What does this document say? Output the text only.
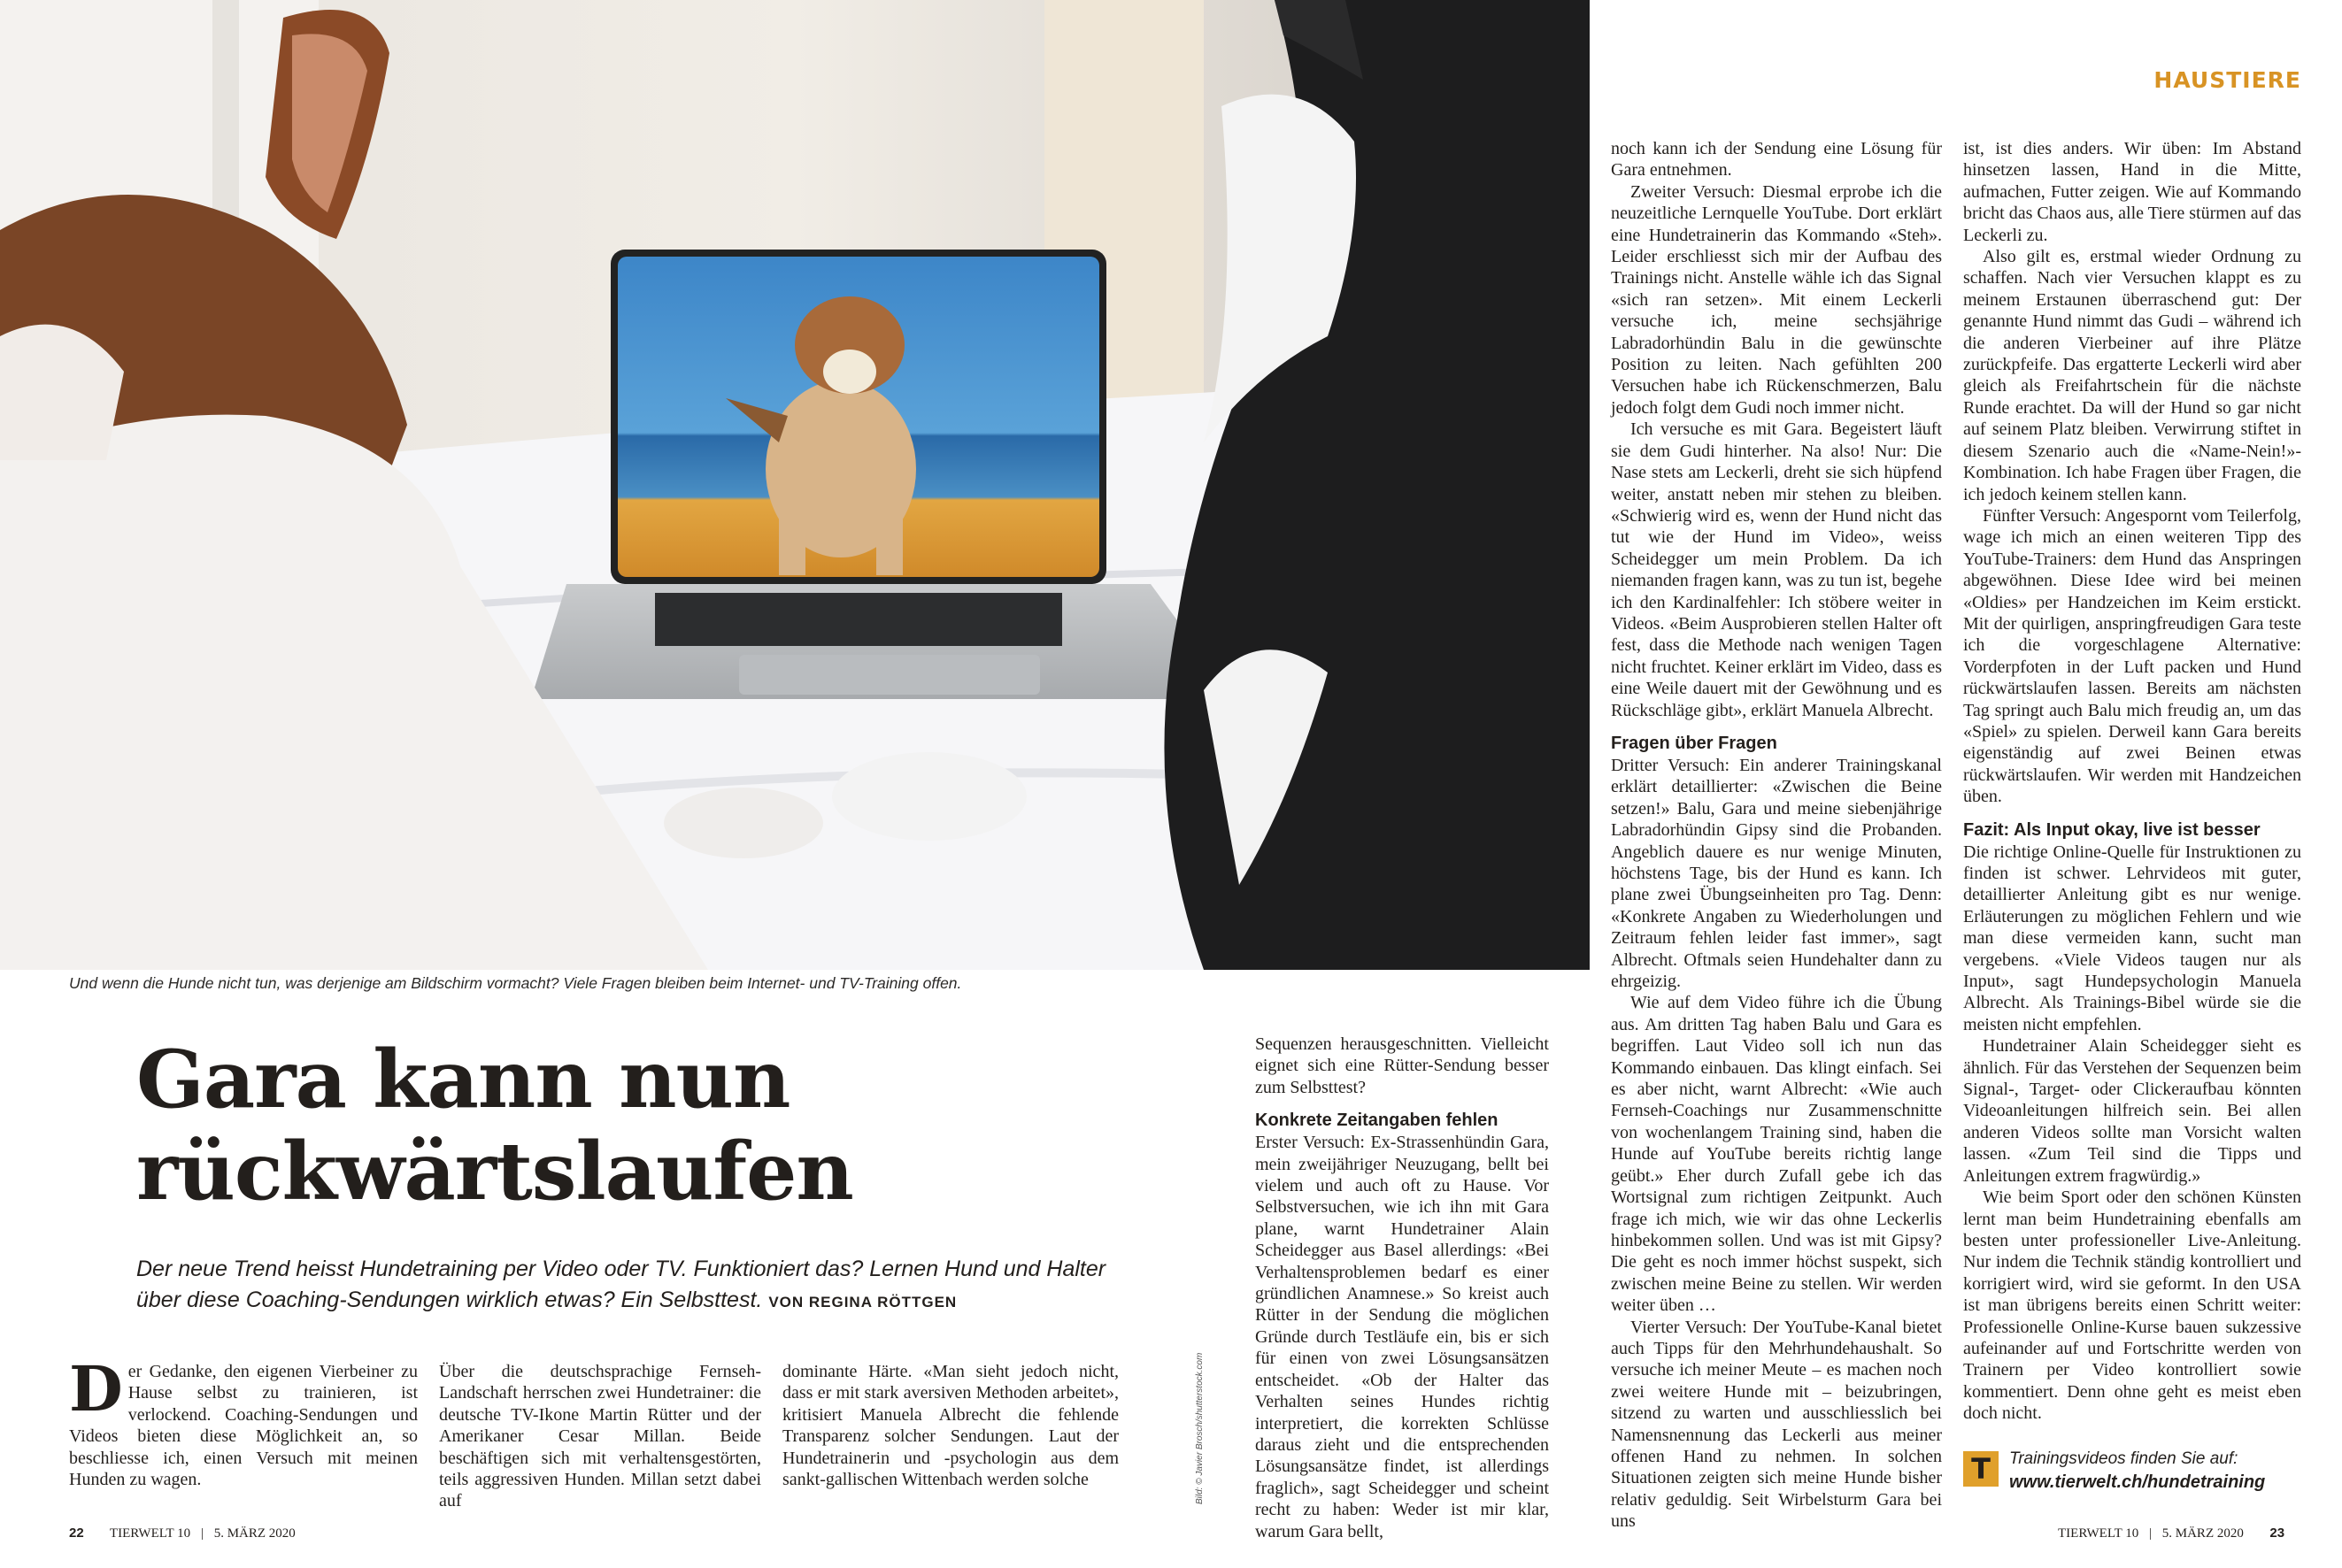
Und wenn die Hunde nicht tun, was derjenige am Bildschirm vormacht? Viele Fragen bleiben beim Internet- und TV-Training offen.
HAUSTIERE
Gara kann nun
rückwärtslaufen
Der neue Trend heisst Hundetraining per Video oder TV. Funktioniert das? Lernen Hund und Halter über diese Coaching-Sendungen wirklich etwas? Ein Selbsttest. VON REGINA RÖTTGEN
Bild: © Javier Brosch/shutterstock.com

Der Gedanke, den eigenen Vierbeiner zu Hause selbst zu trainieren, ist verlockend. Coaching-Sendungen und Videos bieten diese Möglichkeit an, so beschliesse ich, einen Versuch mit meinen Hunden zu wagen.

Über die deutschsprachige Fernseh-Landschaft herrschen zwei Hundetrainer: die deutsche TV-Ikone Martin Rütter und der Amerikaner Cesar Millan. Beide beschäftigen sich mit verhaltensgestörten, teils aggressiven Hunden. Millan setzt dabei auf

dominante Härte. «Man sieht jedoch nicht, dass er mit stark aversiven Methoden arbeitet», kritisiert Manuela Albrecht die fehlende Transparenz solcher Sendungen. Laut der Hundetrainerin und -psychologin aus dem sankt-gallischen Wittenbach werden solche

Sequenzen herausgeschnitten. Vielleicht eignet sich eine Rütter-Sendung besser zum Selbsttest?

Konkrete Zeitangaben fehlen

Erster Versuch: Ex-Strassenhündin Gara, mein zweijähriger Neuzugang, bellt bei vielem und auch oft zu Hause. Vor Selbstversuchen, wie ich ihn mit Gara plane, warnt Hundetrainer Alain Scheidegger aus Basel allerdings: «Bei Verhaltensproblemen bedarf es einer gründlichen Anamnese.» So kreist auch Rütter in der Sendung die möglichen Gründe durch Testläufe ein, bis er sich für einen von zwei Lösungsansätzen entscheidet. «Ob der Halter das Verhalten seines Hundes richtig interpretiert, die korrekten Schlüsse daraus zieht und die entsprechenden Lösungsansätze findet, ist allerdings fraglich», sagt Scheidegger und scheint recht zu haben: Weder ist mir klar, warum Gara bellt,

noch kann ich der Sendung eine Lösung für Gara entnehmen.

Zweiter Versuch: Diesmal erprobe ich die neuzeitliche Lernquelle YouTube. Dort erklärt eine Hundetrainerin das Kommando «Steh». Leider erschliesst sich mir der Aufbau des Trainings nicht. Anstelle wähle ich das Signal «sich ran setzen». Mit einem Leckerli versuche ich, meine sechsjährige Labradorhündin Balu in die gewünschte Position zu leiten. Nach gefühlten 200 Versuchen habe ich Rückenschmerzen, Balu jedoch folgt dem Gudi noch immer nicht.

Ich versuche es mit Gara. Begeistert läuft sie dem Gudi hinterher. Na also! Nur: Die Nase stets am Leckerli, dreht sie sich hüpfend weiter, anstatt neben mir stehen zu bleiben. «Schwierig wird es, wenn der Hund nicht das tut wie der Hund im Video», weiss Scheidegger um mein Problem. Da ich niemanden fragen kann, was zu tun ist, begehe ich den Kardinalfehler: Ich stöbere weiter in Videos. «Beim Ausprobieren stellen Halter oft fest, dass die Methode nach wenigen Tagen nicht fruchtet. Keiner erklärt im Video, dass es eine Weile dauert mit der Gewöhnung und es Rückschläge gibt», erklärt Manuela Albrecht.

Fragen über Fragen

Dritter Versuch: Ein anderer Trainingskanal erklärt detaillierter: «Zwischen die Beine setzen!» Balu, Gara und meine siebenjährige Labradorhündin Gipsy sind die Probanden. Angeblich dauere es nur wenige Minuten, höchstens Tage, bis der Hund es kann. Ich plane zwei Übungseinheiten pro Tag. Denn: «Konkrete Angaben zu Wiederholungen und Zeitraum fehlen leider fast immer», sagt Albrecht. Oftmals seien Hundehalter dann zu ehrgeizig.

Wie auf dem Video führe ich die Übung aus. Am dritten Tag haben Balu und Gara es begriffen. Laut Video soll ich nun das Kommando einbauen. Das klingt einfach. Sei es aber nicht, warnt Albrecht: «Wie auch Fernseh-Coachings nur Zusammenschnitte von wochenlangem Training sind, haben die Hunde auf YouTube bereits richtig lange geübt.» Eher durch Zufall gebe ich das Wortsignal zum richtigen Zeitpunkt. Auch frage ich mich, wie wir das ohne Leckerlis hinbekommen sollen. Und was ist mit Gipsy? Die geht es noch immer höchst suspekt, sich zwischen meine Beine zu stellen. Wir werden weiter üben …

Vierter Versuch: Der YouTube-Kanal bietet auch Tipps für den Mehrhundehaushalt. So versuche ich meiner Meute – es machen noch zwei weitere Hunde mit – beizubringen, sitzend zu warten und ausschliesslich bei Namensnennung das Leckerli aus meiner offenen Hand zu nehmen. In solchen Situationen zeigten sich meine Hunde bisher relativ geduldig. Seit Wirbelsturm Gara bei uns

ist, ist dies anders. Wir üben: Im Abstand hinsetzen lassen, Hand in die Mitte, aufmachen, Futter zeigen. Wie auf Kommando bricht das Chaos aus, alle Tiere stürmen auf das Leckerli zu.

Also gilt es, erstmal wieder Ordnung zu schaffen. Nach vier Versuchen klappt es zu meinem Erstaunen überraschend gut: Der genannte Hund nimmt das Gudi – während ich die anderen Vierbeiner auf ihre Plätze zurückpfeife. Das ergatterte Leckerli wird aber gleich als Freifahrtschein für die nächste Runde erachtet. Da will der Hund so gar nicht auf seinem Platz bleiben. Verwirrung stiftet in diesem Szenario auch die «Name-Nein!»-Kombination. Ich habe Fragen über Fragen, die ich jedoch keinem stellen kann.

Fünfter Versuch: Angespornt vom Teilerfolg, wage ich mich an einen weiteren Tipp des YouTube-Trainers: dem Hund das Anspringen abgewöhnen. Diese Idee wird bei meinen «Oldies» per Handzeichen im Keim erstickt. Mit der quirligen, anspringfreudigen Gara teste ich die vorgeschlagene Alternative: Vorderpfoten in der Luft packen und Hund rückwärtslaufen lassen. Bereits am nächsten Tag springt auch Balu mich freudig an, um das «Spiel» zu spielen. Derweil kann Gara bereits eigenständig auf zwei Beinen etwas rückwärtslaufen. Wir werden mit Handzeichen üben.

Fazit: Als Input okay, live ist besser

Die richtige Online-Quelle für Instruktionen zu finden ist schwer. Lehrvideos mit guter, detaillierter Anleitung gibt es nur wenige. Erläuterungen zu möglichen Fehlern und wie man diese vermeiden kann, sucht man vergebens. «Viele Videos taugen nur als Input», sagt Hundepsychologin Manuela Albrecht. Als Trainings-Bibel würde sie die meisten nicht empfehlen.

Hundetrainer Alain Scheidegger sieht es ähnlich. Für das Verstehen der Sequenzen beim Signal-, Target- oder Clickeraufbau könnten Videoanleitungen hilfreich sein. Bei allen anderen Videos sollte man Vorsicht walten lassen. «Zum Teil sind die Tipps und Anleitungen extrem fragwürdig.»

Wie beim Sport oder den schönen Künsten lernt man beim Hundetraining ebenfalls am besten unter professioneller Live-Anleitung. Nur indem die Technik ständig kontrolliert und korrigiert wird, wird sie geformt. In den USA ist man übrigens bereits einen Schritt weiter: Professionelle Online-Kurse bauen sukzessive aufeinander auf und Fortschritte werden von Trainern per Video kontrolliert sowie kommentiert. Denn ohne geht es meist eben doch nicht.

T	Trainingsvideos finden Sie auf:
www.tierwelt.ch/hundetraining
22 TIERWELT 10 | 5. MÄRZ 2020	TIERWELT 10 | 5. MÄRZ 2020 23
